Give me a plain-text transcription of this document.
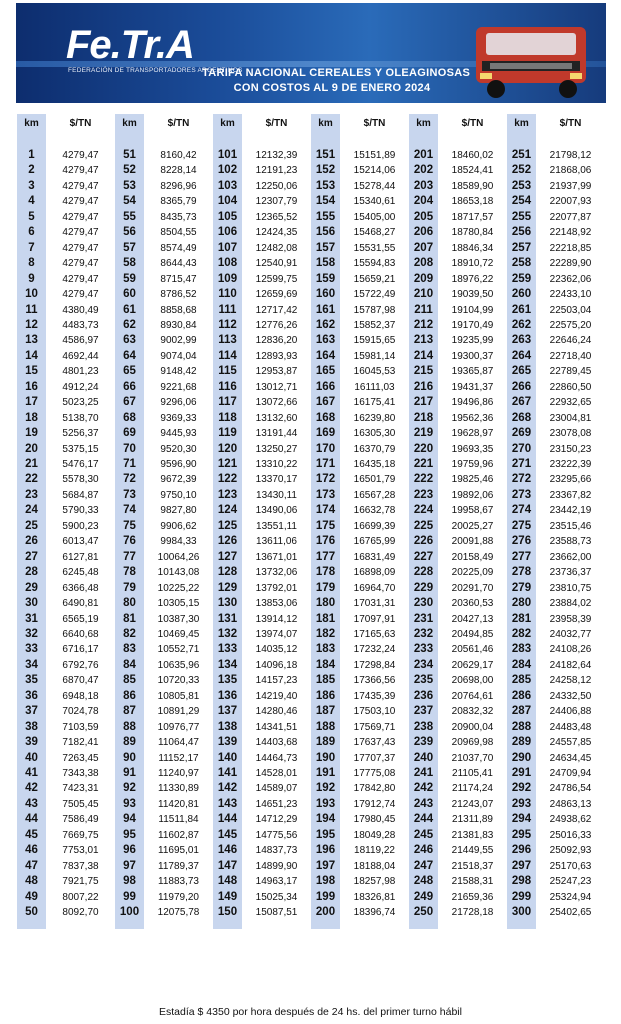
Fe.Tr.A
FEDERACIÓN DE TRANSPORTADORES ARGENTINOS
TARIFA NACIONAL CEREALES Y OLEAGINOSAS
CON COSTOS AL 9 DE ENERO 2024
km	$/TN
1	4279,47
2	4279,47
3	4279,47
4	4279,47
5	4279,47
6	4279,47
7	4279,47
8	4279,47
9	4279,47
10	4279,47
11	4380,49
12	4483,73
13	4586,97
14	4692,44
15	4801,23
16	4912,24
17	5023,25
18	5138,70
19	5256,37
20	5375,15
21	5476,17
22	5578,30
23	5684,87
24	5790,33
25	5900,23
26	6013,47
27	6127,81
28	6245,48
29	6366,48
30	6490,81
31	6565,19
32	6640,68
33	6716,17
34	6792,76
35	6870,47
36	6948,18
37	7024,78
38	7103,59
39	7182,41
40	7263,45
41	7343,38
42	7423,31
43	7505,45
44	7586,49
45	7669,75
46	7753,01
47	7837,38
48	7921,75
49	8007,22
50	8092,70
km	$/TN
51	8160,42
52	8228,14
53	8296,96
54	8365,79
55	8435,73
56	8504,55
57	8574,49
58	8644,43
59	8715,47
60	8786,52
61	8858,68
62	8930,84
63	9002,99
64	9074,04
65	9148,42
66	9221,68
67	9296,06
68	9369,33
69	9445,93
70	9520,30
71	9596,90
72	9672,39
73	9750,10
74	9827,80
75	9906,62
76	9984,33
77	10064,26
78	10143,08
79	10225,22
80	10305,15
81	10387,30
82	10469,45
83	10552,71
84	10635,96
85	10720,33
86	10805,81
87	10891,29
88	10976,77
89	11064,47
90	11152,17
91	11240,97
92	11330,89
93	11420,81
94	11511,84
95	11602,87
96	11695,01
97	11789,37
98	11883,73
99	11979,20
100	12075,78
km	$/TN
101	12132,39
102	12191,23
103	12250,06
104	12307,79
105	12365,52
106	12424,35
107	12482,08
108	12540,91
109	12599,75
110	12659,69
111	12717,42
112	12776,26
113	12836,20
114	12893,93
115	12953,87
116	13012,71
117	13072,66
118	13132,60
119	13191,44
120	13250,27
121	13310,22
122	13370,17
123	13430,11
124	13490,06
125	13551,11
126	13611,06
127	13671,01
128	13732,06
129	13792,01
130	13853,06
131	13914,12
132	13974,07
133	14035,12
134	14096,18
135	14157,23
136	14219,40
137	14280,46
138	14341,51
139	14403,68
140	14464,73
141	14528,01
142	14589,07
143	14651,23
144	14712,29
145	14775,56
146	14837,73
147	14899,90
148	14963,17
149	15025,34
150	15087,51
km	$/TN
151	15151,89
152	15214,06
153	15278,44
154	15340,61
155	15405,00
156	15468,27
157	15531,55
158	15594,83
159	15659,21
160	15722,49
161	15787,98
162	15852,37
163	15915,65
164	15981,14
165	16045,53
166	16111,03
167	16175,41
168	16239,80
169	16305,30
170	16370,79
171	16435,18
172	16501,79
173	16567,28
174	16632,78
175	16699,39
176	16765,99
177	16831,49
178	16898,09
179	16964,70
180	17031,31
181	17097,91
182	17165,63
183	17232,24
184	17298,84
185	17366,56
186	17435,39
187	17503,10
188	17569,71
189	17637,43
190	17707,37
191	17775,08
192	17842,80
193	17912,74
194	17980,45
195	18049,28
196	18119,22
197	18188,04
198	18257,98
199	18326,81
200	18396,74
km	$/TN
201	18460,02
202	18524,41
203	18589,90
204	18653,18
205	18717,57
206	18780,84
207	18846,34
208	18910,72
209	18976,22
210	19039,50
211	19104,99
212	19170,49
213	19235,99
214	19300,37
215	19365,87
216	19431,37
217	19496,86
218	19562,36
219	19628,97
220	19693,35
221	19759,96
222	19825,46
223	19892,06
224	19958,67
225	20025,27
226	20091,88
227	20158,49
228	20225,09
229	20291,70
230	20360,53
231	20427,13
232	20494,85
233	20561,46
234	20629,17
235	20698,00
236	20764,61
237	20832,32
238	20900,04
239	20969,98
240	21037,70
241	21105,41
242	21174,24
243	21243,07
244	21311,89
245	21381,83
246	21449,55
247	21518,37
248	21588,31
249	21659,36
250	21728,18
km	$/TN
251	21798,12
252	21868,06
253	21937,99
254	22007,93
255	22077,87
256	22148,92
257	22218,85
258	22289,90
259	22362,06
260	22433,10
261	22503,04
262	22575,20
263	22646,24
264	22718,40
265	22789,45
266	22860,50
267	22932,65
268	23004,81
269	23078,08
270	23150,23
271	23222,39
272	23295,66
273	23367,82
274	23442,19
275	23515,46
276	23588,73
277	23662,00
278	23736,37
279	23810,75
280	23884,02
281	23958,39
282	24032,77
283	24108,26
284	24182,64
285	24258,12
286	24332,50
287	24406,88
288	24483,48
289	24557,85
290	24634,45
291	24709,94
292	24786,54
293	24863,13
294	24938,62
295	25016,33
296	25092,93
297	25170,63
298	25247,23
299	25324,94
300	25402,65
Estadía $ 4350 por hora después de 24 hs. del primer turno hábil
